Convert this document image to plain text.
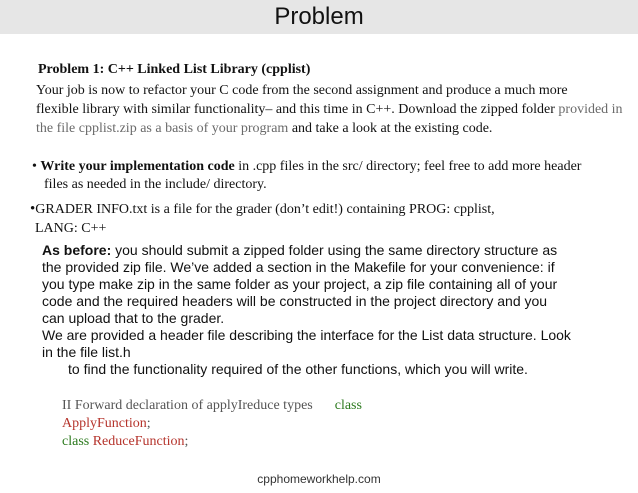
Problem
Problem 1: C++ Linked List Library (cpplist)
Your job is now to refactor your C code from the second assignment and produce a much more
flexible library with similar functionality– and this time in C++. Download the zipped folder provided in
the file cpplist.zip as a basis of your program and take a look at the existing code.
• Write your implementation code in .cpp files in the src/ directory; feel free to add more header
files as needed in the include/ directory.
•GRADER INFO.txt is a file for the grader (don’t edit!) containing PROG: cpplist,
LANG: C++
As before: you should submit a zipped folder using the same directory structure as
the provided zip file. We’ve added a section in the Makefile for your convenience: if
you type make zip in the same folder as your project, a zip file containing all of your
code and the required headers will be constructed in the project directory and you
can upload that to the grader.
We are provided a header file describing the interface for the List data structure. Look
in the file list.h
to find the functionality required of the other functions, which you will write.
II Forward declaration of applyIreduce types class
ApplyFunction;
class ReduceFunction;
cpphomeworkhelp.com
